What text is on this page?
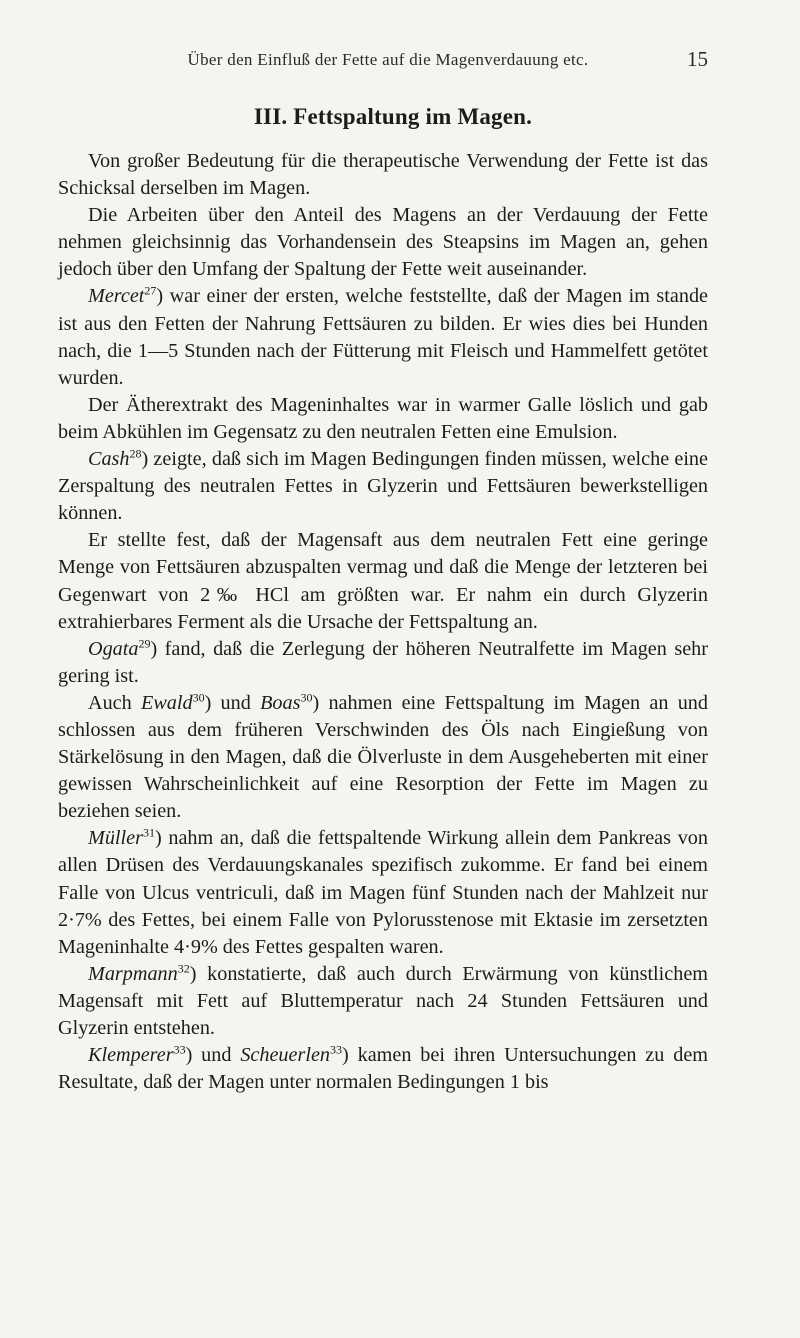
Über den Einfluß der Fette auf die Magenverdauung etc.	15
III. Fettspaltung im Magen.

Von großer Bedeutung für die therapeutische Verwendung der Fette ist das Schicksal derselben im Magen.

Die Arbeiten über den Anteil des Magens an der Verdauung der Fette nehmen gleichsinnig das Vorhandensein des Steapsins im Magen an, gehen jedoch über den Umfang der Spaltung der Fette weit auseinander.

Mercet$^{27}$) war einer der ersten, welche feststellte, daß der Magen im stande ist aus den Fetten der Nahrung Fettsäuren zu bilden. Er wies dies bei Hunden nach, die 1—5 Stunden nach der Fütterung mit Fleisch und Hammelfett getötet wurden.

Der Ätherextrakt des Mageninhaltes war in warmer Galle löslich und gab beim Abkühlen im Gegensatz zu den neutralen Fetten eine Emulsion.

Cash$^{28}$) zeigte, daß sich im Magen Bedingungen finden müssen, welche eine Zerspaltung des neutralen Fettes in Glyzerin und Fettsäuren bewerkstelligen können.

Er stellte fest, daß der Magensaft aus dem neutralen Fett eine geringe Menge von Fettsäuren abzuspalten vermag und daß die Menge der letzteren bei Gegenwart von 2‰ HCl am größten war. Er nahm ein durch Glyzerin extrahierbares Ferment als die Ursache der Fettspaltung an.

Ogata$^{29}$) fand, daß die Zerlegung der höheren Neutralfette im Magen sehr gering ist.

Auch Ewald$^{30}$) und Boas$^{30}$) nahmen eine Fettspaltung im Magen an und schlossen aus dem früheren Verschwinden des Öls nach Eingießung von Stärkelösung in den Magen, daß die Ölverluste in dem Ausgeheberten mit einer gewissen Wahrscheinlichkeit auf eine Resorption der Fette im Magen zu beziehen seien.

Müller$^{31}$) nahm an, daß die fettspaltende Wirkung allein dem Pankreas von allen Drüsen des Verdauungskanales spezifisch zukomme. Er fand bei einem Falle von Ulcus ventriculi, daß im Magen fünf Stunden nach der Mahlzeit nur 2·7% des Fettes, bei einem Falle von Pylorusstenose mit Ektasie im zersetzten Mageninhalte 4·9% des Fettes gespalten waren.

Marpmann$^{32}$) konstatierte, daß auch durch Erwärmung von künstlichem Magensaft mit Fett auf Bluttemperatur nach 24 Stunden Fettsäuren und Glyzerin entstehen.

Klemperer$^{33}$) und Scheuerlen$^{33}$) kamen bei ihren Untersuchungen zu dem Resultate, daß der Magen unter normalen Bedingungen 1 bis
